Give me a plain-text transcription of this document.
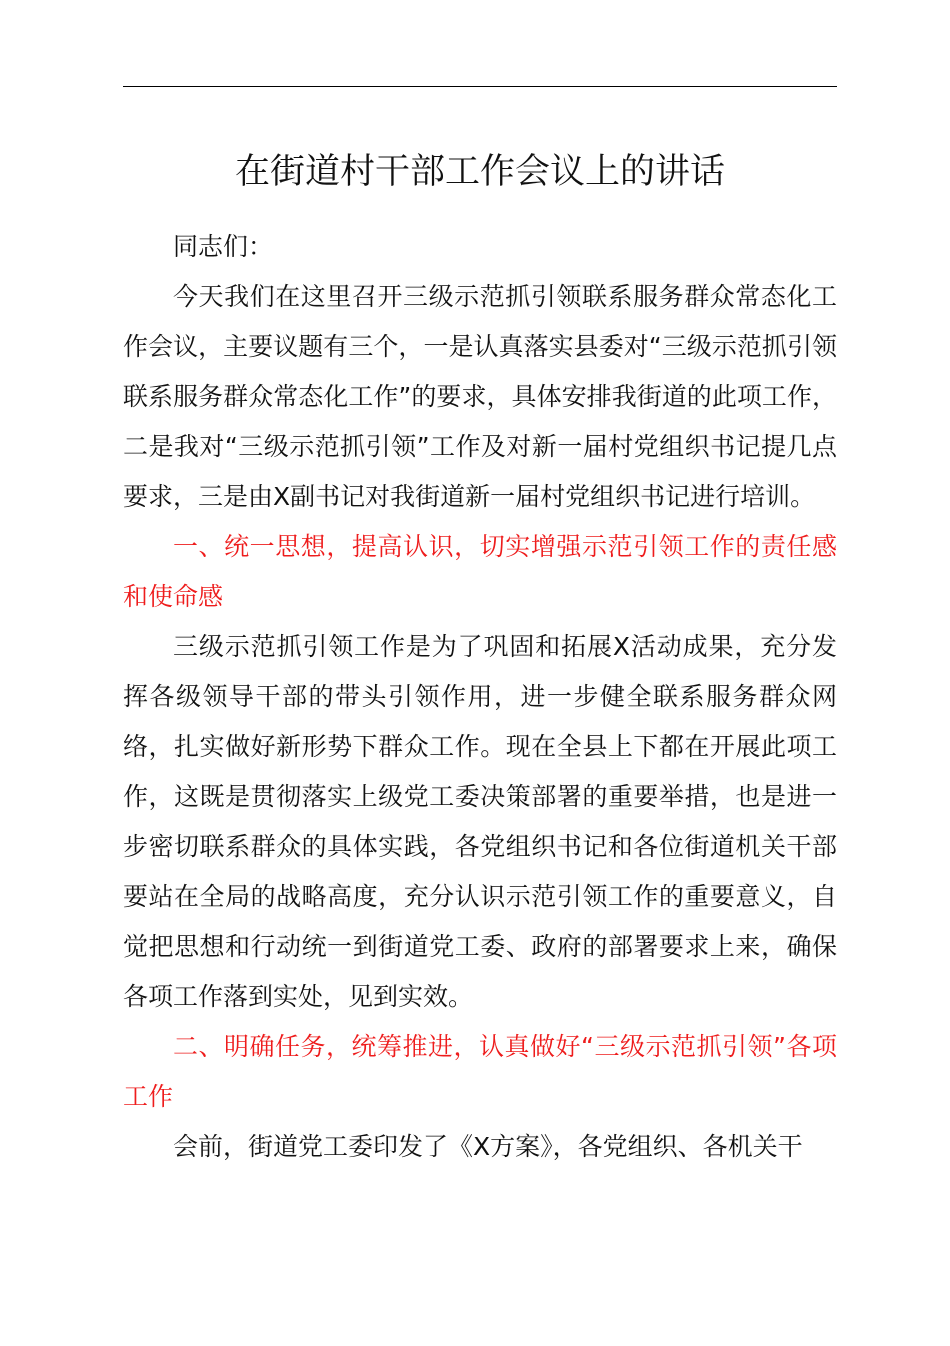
在街道村干部工作会议上的讲话

同志们：

今天我们在这里召开三级示范抓引领联系服务群众常态化工作会议，主要议题有三个，一是认真落实县委对“三级示范抓引领联系服务群众常态化工作”的要求，具体安排我街道的此项工作，二是我对“三级示范抓引领”工作及对新一届村党组织书记提几点要求，三是由X副书记对我街道新一届村党组织书记进行培训。

一、统一思想，提高认识，切实增强示范引领工作的责任感和使命感

三级示范抓引领工作是为了巩固和拓展X活动成果，充分发挥各级领导干部的带头引领作用，进一步健全联系服务群众网络，扎实做好新形势下群众工作。现在全县上下都在开展此项工作，这既是贯彻落实上级党工委决策部署的重要举措，也是进一步密切联系群众的具体实践，各党组织书记和各位街道机关干部要站在全局的战略高度，充分认识示范引领工作的重要意义，自觉把思想和行动统一到街道党工委、政府的部署要求上来，确保各项工作落到实处，见到实效。

二、明确任务，统筹推进，认真做好“三级示范抓引领”各项工作

会前，街道党工委印发了《X方案》，各党组织、各机关干
